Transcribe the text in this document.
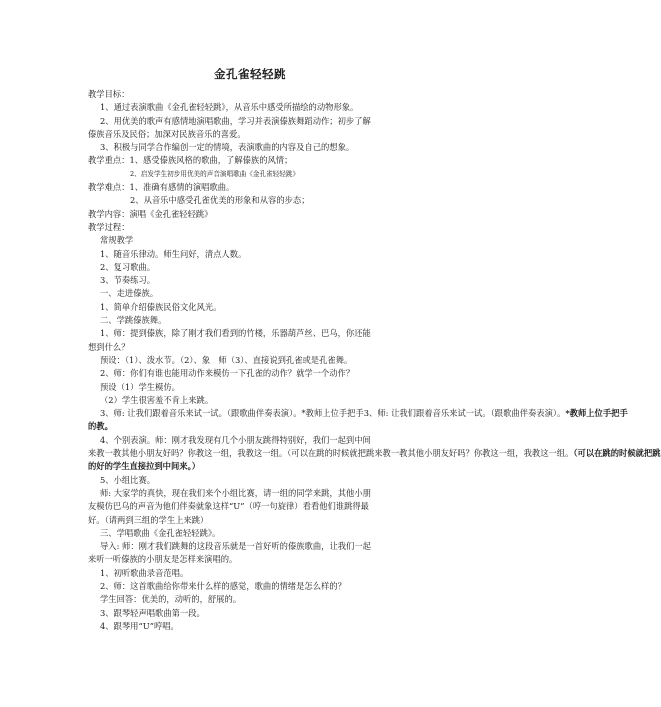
金孔雀轻轻跳
教学目标：
1、通过表演歌曲《金孔雀轻轻跳》，从音乐中感受所描绘的动物形象。
2、用优美的歌声有感情地演唱歌曲，学习并表演傣族舞蹈动作；初步了解
傣族音乐及民俗；加深对民族音乐的喜爱。
3、积极与同学合作编创一定的情境，表演歌曲的内容及自己的想象。
教学重点：1、感受傣族风格的歌曲，了解傣族的风情；
2、启发学生初步用优美的声音演唱歌曲《金孔雀轻轻跳》
教学难点：1、准确有感情的演唱歌曲。
2、从音乐中感受孔雀优美的形象和从容的步态；
教学内容：演唱《金孔雀轻轻跳》
教学过程：
常规教学
1、随音乐律动。师生问好，清点人数。
2、复习歌曲。
3、节奏练习。
一、走进傣族。
1、简单介绍傣族民俗文化风光。
二、学跳傣族舞。
1、师：提到傣族，除了刚才我们看到的竹楼，乐器葫芦丝、巴乌，你还能
想到什么？
预设：（1）、泼水节。（2）、象　师（3）、直接说到孔雀或是孔雀舞。
2、师：你们有谁也能用动作来模仿一下孔雀的动作？就学一个动作？
预设（1）学生模仿。
（2）学生很害羞不肯上来跳。
3、师: 让我们跟着音乐来试一试。（跟歌曲伴奏表演）。*教师上位手把手3、师: 让我们跟着音乐来试一试。（跟歌曲伴奏表演）。*教师上位手把手
的教。
4、个别表演。师：刚才我发现有几个小朋友跳得特别好，我们一起到中间
来教一教其他小朋友好吗？你教这一组，我教这一组。（可以在跳的时候就把跳来教一教其他小朋友好吗？你教这一组，我教这一组。（可以在跳的时候就把跳
的好的学生直接拉到中间来。）
5、小组比赛。
师: 大家学的真快，现在我们来个小组比赛，请一组的同学来跳，其他小朋
友模仿巴乌的声音为他们伴奏就象这样“U”（哼一句旋律）看看他们谁跳得最
好。（请两到三组的学生上来跳）
三、学唱歌曲《金孔雀轻轻跳》。
导入: 师：刚才我们跳舞的这段音乐就是一首好听的傣族歌曲，让我们一起
来听一听傣族的小朋友是怎样来演唱的。
1、初听歌曲录音范唱。
2、师：这首歌曲给你带来什么样的感觉，歌曲的情绪是怎么样的？
学生回答：优美的，动听的，舒展的。
3、跟琴轻声唱歌曲第一段。
4、跟琴用“U”哼唱。
